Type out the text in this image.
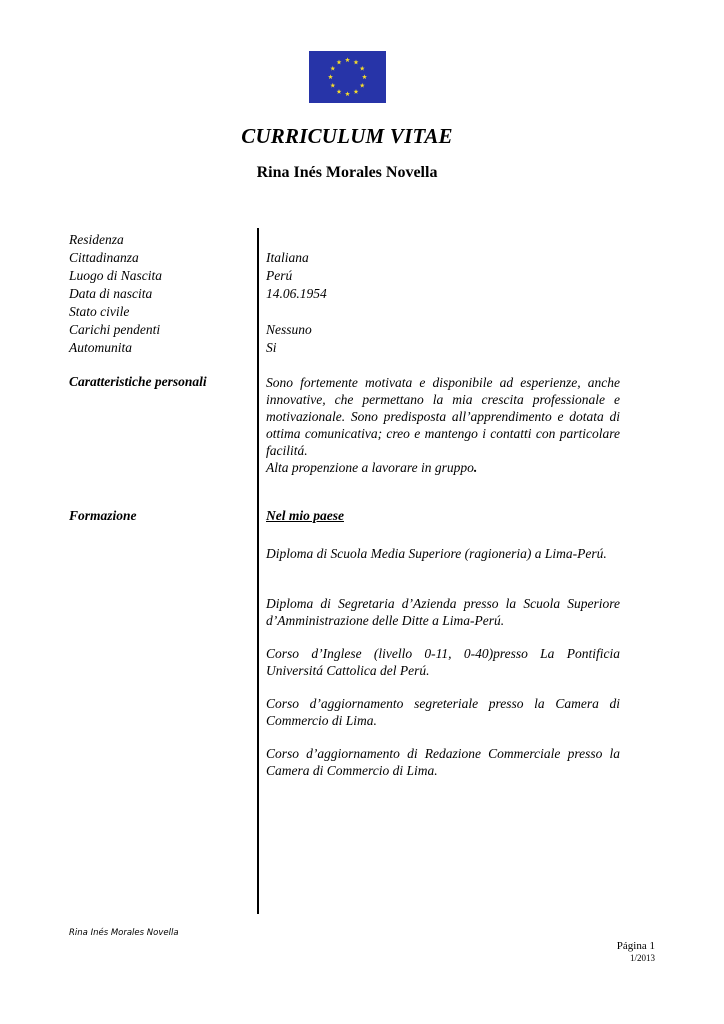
CURRICULUM VITAE
Rina Inés Morales Novella
Residenza
Cittadinanza
Luogo di Nascita
Data di nascita
Stato civile
Carichi pendenti
Automunita
Italiana
Perú
14.06.1954
Nessuno
Si
Caratteristiche personali	Sono fortemente motivata e disponibile ad esperienze, anche innovative, che permettano la mia crescita professionale e motivazionale. Sono predisposta all’apprendimento e dotata di ottima comunicativa; creo e mantengo i contatti con particolare facilitá.
Alta propenzione a lavorare in gruppo.
Formazione	Nel mio paese
Diploma di Scuola Media Superiore (ragioneria) a Lima-Perú.
Diploma di Segretaria d’Azienda presso la Scuola Superiore d’Amministrazione delle Ditte a Lima-Perú.
Corso d’Inglese (livello 0-11, 0-40)presso La Pontificia Universitá Cattolica del Perú.
Corso d’aggiornamento segreteriale presso la Camera di Commercio di Lima.
Corso d’aggiornamento di Redazione Commerciale presso la Camera di Commercio di Lima.
Rina Inés Morales Novella
Página 1
1/2013
